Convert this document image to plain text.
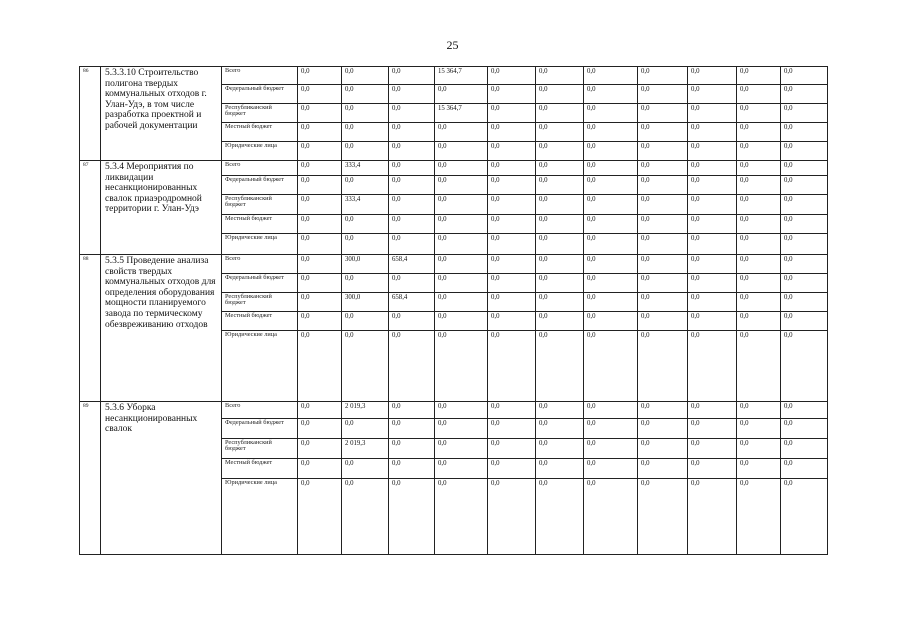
25
86	5.3.3.10 Строительство полигона твердых коммунальных отходов г. Улан-Удэ, в том числе разработка проектной и рабочей документации	Всего	0,0	0,0	0,0	15 364,7	0,0	0,0	0,0	0,0	0,0	0,0	0,0
		Федеральный бюджет	0,0	0,0	0,0	0,0	0,0	0,0	0,0	0,0	0,0	0,0	0,0
		Республиканский бюджет	0,0	0,0	0,0	15 364,7	0,0	0,0	0,0	0,0	0,0	0,0	0,0
		Местный бюджет	0,0	0,0	0,0	0,0	0,0	0,0	0,0	0,0	0,0	0,0	0,0
		Юридические лица	0,0	0,0	0,0	0,0	0,0	0,0	0,0	0,0	0,0	0,0	0,0
87	5.3.4 Мероприятия по ликвидации несанкционированных свалок приаэродромной территории г. Улан-Удэ	Всего	0,0	333,4	0,0	0,0	0,0	0,0	0,0	0,0	0,0	0,0	0,0
		Федеральный бюджет	0,0	0,0	0,0	0,0	0,0	0,0	0,0	0,0	0,0	0,0	0,0
		Республиканский бюджет	0,0	333,4	0,0	0,0	0,0	0,0	0,0	0,0	0,0	0,0	0,0
		Местный бюджет	0,0	0,0	0,0	0,0	0,0	0,0	0,0	0,0	0,0	0,0	0,0
		Юридические лица	0,0	0,0	0,0	0,0	0,0	0,0	0,0	0,0	0,0	0,0	0,0
88	5.3.5 Проведение анализа свойств твердых коммунальных отходов для определения оборудования мощности планируемого завода по термическому обезвреживанию отходов	Всего	0,0	300,0	658,4	0,0	0,0	0,0	0,0	0,0	0,0	0,0	0,0
		Федеральный бюджет	0,0	0,0	0,0	0,0	0,0	0,0	0,0	0,0	0,0	0,0	0,0
		Республиканский бюджет	0,0	300,0	658,4	0,0	0,0	0,0	0,0	0,0	0,0	0,0	0,0
		Местный бюджет	0,0	0,0	0,0	0,0	0,0	0,0	0,0	0,0	0,0	0,0	0,0
		Юридические лица	0,0	0,0	0,0	0,0	0,0	0,0	0,0	0,0	0,0	0,0	0,0
89	5.3.6 Уборка несанкционированных свалок	Всего	0,0	2 019,3	0,0	0,0	0,0	0,0	0,0	0,0	0,0	0,0	0,0
		Федеральный бюджет	0,0	0,0	0,0	0,0	0,0	0,0	0,0	0,0	0,0	0,0	0,0
		Республиканский бюджет	0,0	2 019,3	0,0	0,0	0,0	0,0	0,0	0,0	0,0	0,0	0,0
		Местный бюджет	0,0	0,0	0,0	0,0	0,0	0,0	0,0	0,0	0,0	0,0	0,0
		Юридические лица	0,0	0,0	0,0	0,0	0,0	0,0	0,0	0,0	0,0	0,0	0,0
